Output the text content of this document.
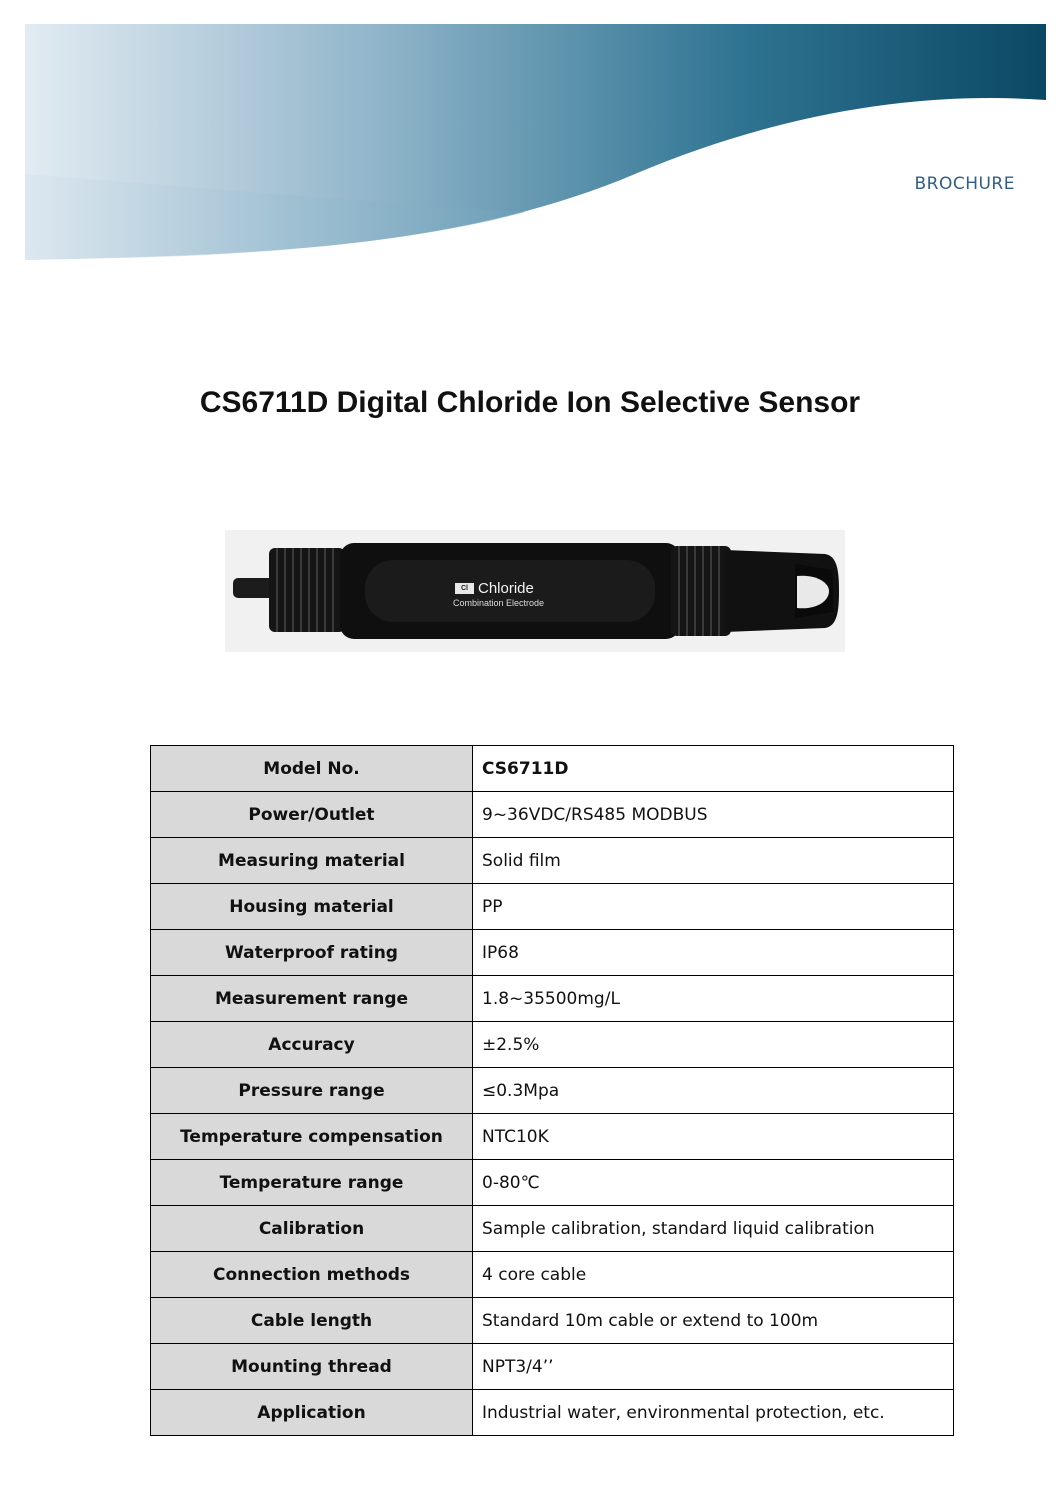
BROCHURE
CS6711D Digital Chloride Ion Selective Sensor
Cl Chloride
Combination Electrode
Model No.	CS6711D
Power/Outlet	9~36VDC/RS485 MODBUS
Measuring material	Solid film
Housing material	PP
Waterproof rating	IP68
Measurement range	1.8~35500mg/L
Accuracy	±2.5%
Pressure range	≤0.3Mpa
Temperature compensation	NTC10K
Temperature range	0-80℃
Calibration	Sample calibration, standard liquid calibration
Connection methods	4 core cable
Cable length	Standard 10m cable or extend to 100m
Mounting thread	NPT3/4’’
Application	Industrial water, environmental protection, etc.
